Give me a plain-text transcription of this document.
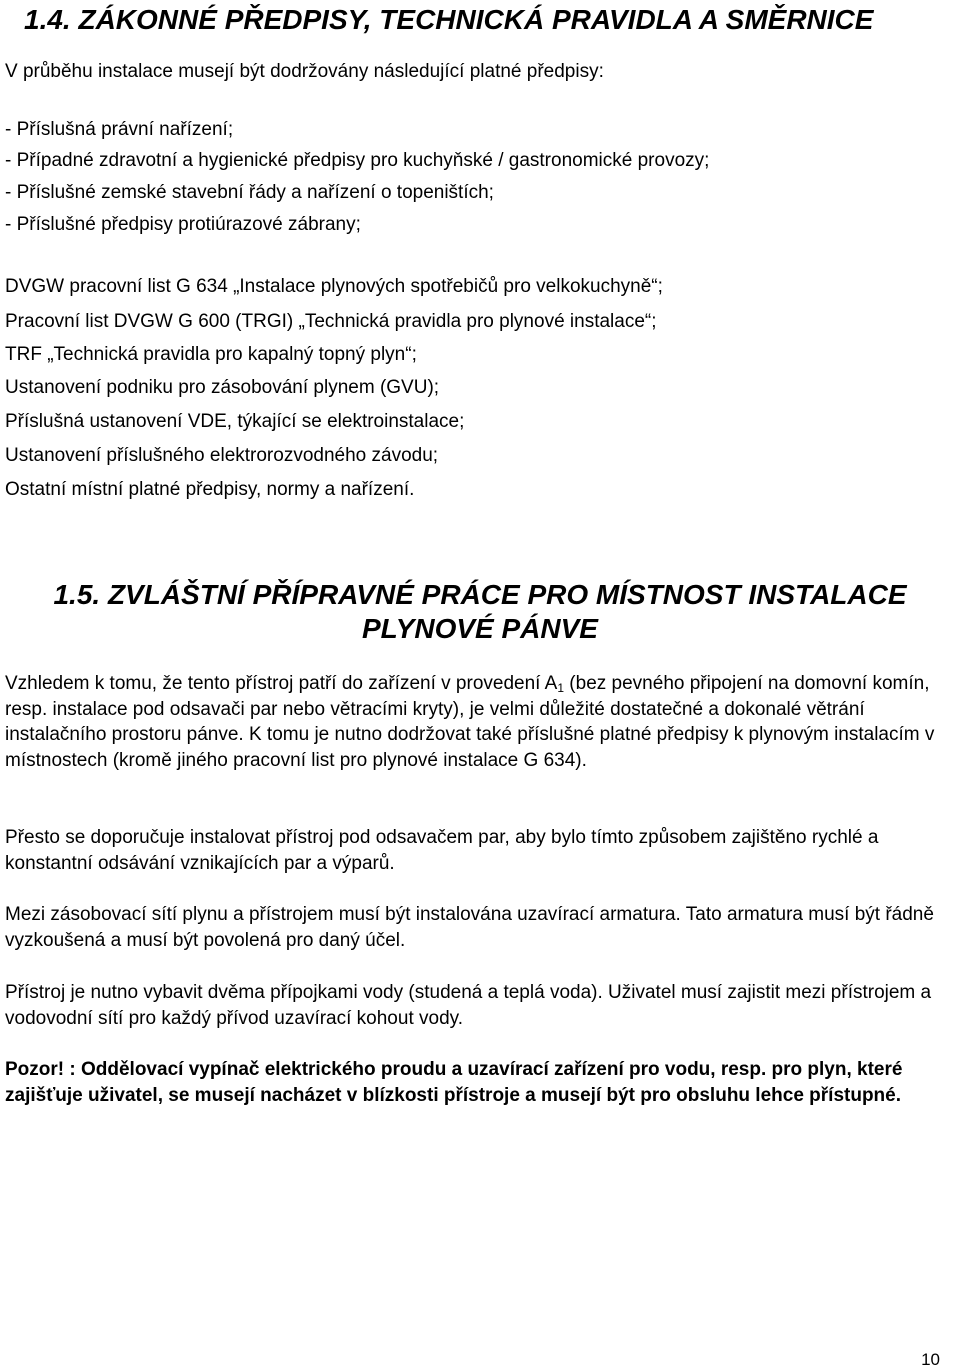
1.4. ZÁKONNÉ PŘEDPISY, TECHNICKÁ PRAVIDLA A SMĚRNICE

V průběhu instalace musejí být dodržovány následující platné předpisy:

- Příslušná právní nařízení;

- Případné zdravotní a hygienické předpisy pro kuchyňské / gastronomické provozy;

- Příslušné zemské stavební řády a nařízení o topeništích;

- Příslušné předpisy protiúrazové zábrany;

DVGW pracovní list G 634 „Instalace plynových spotřebičů pro velkokuchyně“;

Pracovní list DVGW G 600 (TRGI) „Technická pravidla pro plynové instalace“;

TRF „Technická pravidla pro kapalný topný plyn“;

Ustanovení podniku pro zásobování plynem (GVU);

Příslušná ustanovení VDE, týkající se elektroinstalace;

Ustanovení příslušného elektrorozvodného závodu;

Ostatní místní platné předpisy, normy a nařízení.

1.5. ZVLÁŠTNÍ PŘÍPRAVNÉ PRÁCE PRO MÍSTNOST INSTALACE
PLYNOVÉ PÁNVE

Vzhledem k tomu, že tento přístroj patří do zařízení v provedení $A_1$ (bez pevného připojení na domovní komín, resp. instalace pod odsavači par nebo větracími kryty), je velmi důležité dostatečné a dokonalé větrání instalačního prostoru pánve. K tomu je nutno dodržovat také příslušné platné předpisy k plynovým instalacím v místnostech (kromě jiného pracovní list pro plynové instalace G 634).

Přesto se doporučuje instalovat přístroj pod odsavačem par, aby bylo tímto způsobem zajištěno rychlé a konstantní odsávání vznikajících par a výparů.

Mezi zásobovací sítí plynu a přístrojem musí být instalována uzavírací armatura. Tato armatura musí být řádně vyzkoušená a musí být povolená pro daný účel.

Přístroj je nutno vybavit dvěma přípojkami vody (studená a teplá voda). Uživatel musí zajistit mezi přístrojem a vodovodní sítí pro každý přívod uzavírací kohout vody.

Pozor! : Oddělovací vypínač elektrického proudu a uzavírací zařízení pro vodu, resp. pro plyn, které zajišťuje uživatel, se musejí nacházet v blízkosti přístroje a musejí být pro obsluhu lehce přístupné.

10
